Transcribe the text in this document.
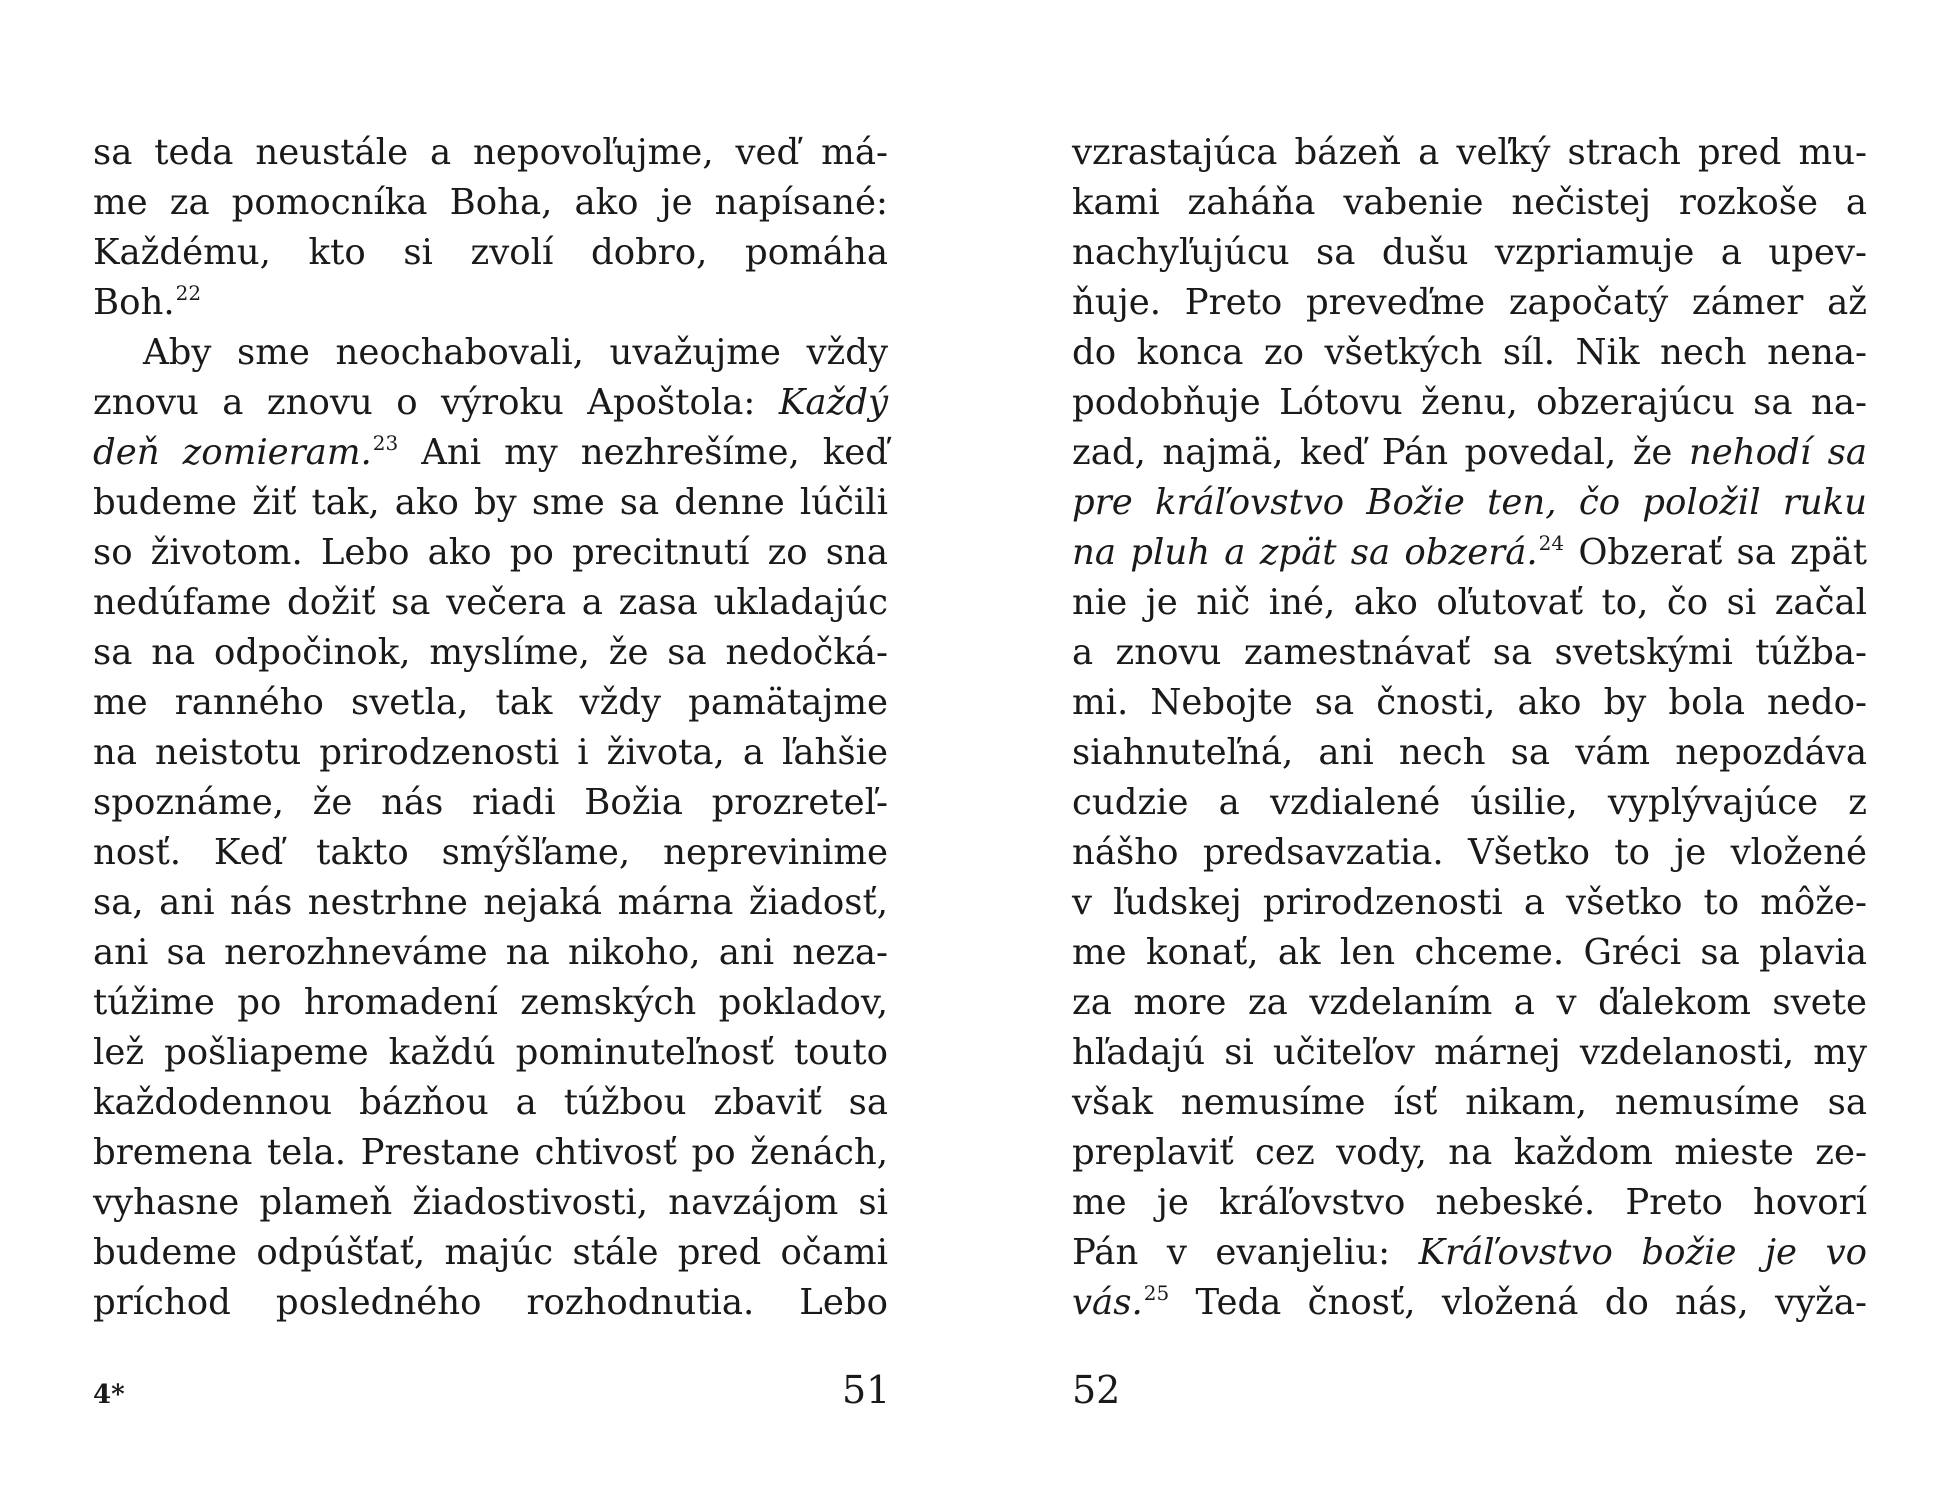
sa teda neustále a nepovoľujme, veď má-
me za pomocníka Boha, ako je napísané:
Každému, kto si zvolí dobro, pomáha
Boh.$^{22}$
Aby sme neochabovali, uvažujme vždy
znovu a znovu o výroku Apoštola: Každý
deň zomieram.$^{23}$ Ani my nezhrešíme, keď
budeme žiť tak, ako by sme sa denne lúčili
so životom. Lebo ako po precitnutí zo sna
nedúfame dožiť sa večera a zasa ukladajúc
sa na odpočinok, myslíme, že sa nedočká-
me ranného svetla, tak vždy pamätajme
na neistotu prirodzenosti i života, a ľahšie
spoznáme, že nás riadi Božia prozreteľ-
nosť. Keď takto smýšľame, neprevinime
sa, ani nás nestrhne nejaká márna žiadosť,
ani sa nerozhneváme na nikoho, ani neza-
túžime po hromadení zemských pokladov,
lež pošliapeme každú pominuteľnosť touto
každodennou bázňou a túžbou zbaviť sa
bremena tela. Prestane chtivosť po ženách,
vyhasne plameň žiadostivosti, navzájom si
budeme odpúšťať, majúc stále pred očami
príchod posledného rozhodnutia. Lebo
4*	51
vzrastajúca bázeň a veľký strach pred mu-
kami zaháňa vabenie nečistej rozkoše a
nachyľujúcu sa dušu vzpriamuje a upev-
ňuje. Preto preveďme započatý zámer až
do konca zo všetkých síl. Nik nech nena-
podobňuje Lótovu ženu, obzerajúcu sa na-
zad, najmä, keď Pán povedal, že nehodí sa
pre kráľovstvo Božie ten, čo položil ruku
na pluh a zpät sa obzerá.$^{24}$ Obzerať sa zpät
nie je nič iné, ako oľutovať to, čo si začal
a znovu zamestnávať sa svetskými túžba-
mi. Nebojte sa čnosti, ako by bola nedo-
siahnuteľná, ani nech sa vám nepozdáva
cudzie a vzdialené úsilie, vyplývajúce z
nášho predsavzatia. Všetko to je vložené
v ľudskej prirodzenosti a všetko to môže-
me konať, ak len chceme. Gréci sa plavia
za more za vzdelaním a v ďalekom svete
hľadajú si učiteľov márnej vzdelanosti, my
však nemusíme ísť nikam, nemusíme sa
preplaviť cez vody, na každom mieste ze-
me je kráľovstvo nebeské. Preto hovorí
Pán v evanjeliu: Kráľovstvo božie je vo
vás.$^{25}$ Teda čnosť, vložená do nás, vyža-
52
